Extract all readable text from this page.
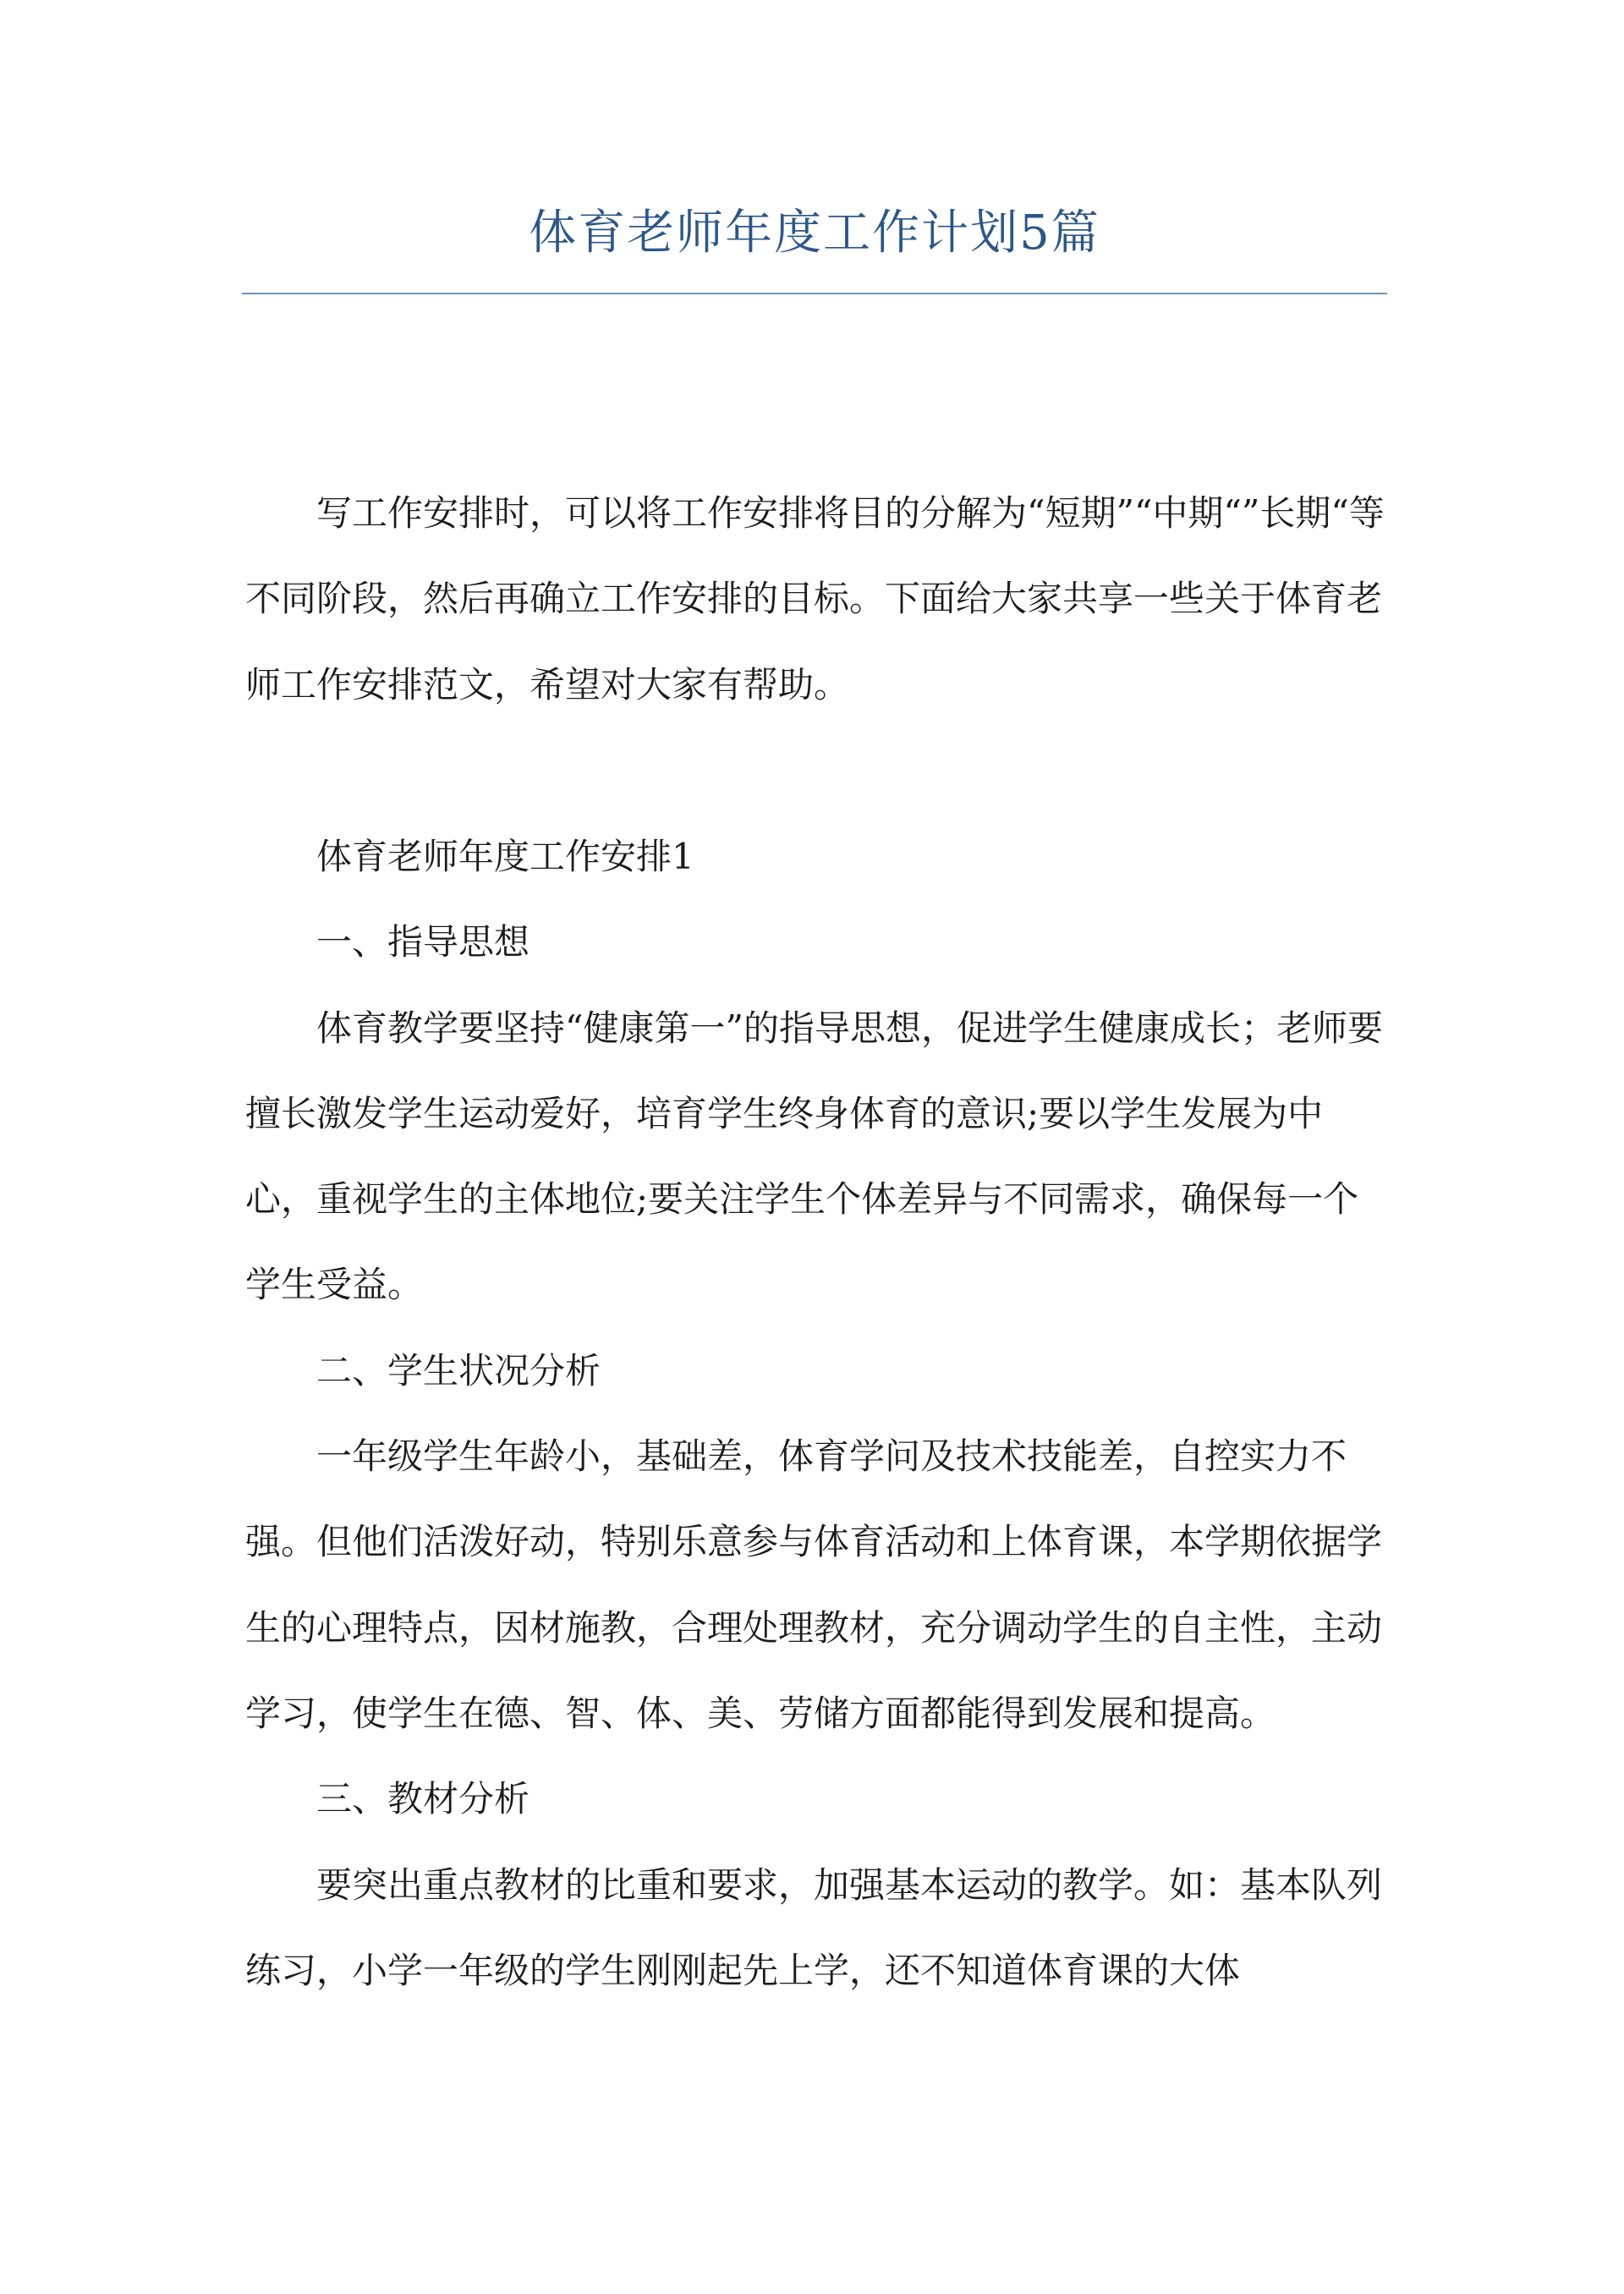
体育老师年度工作计划5篇

写工作安排时，可以将工作安排将目的分解为“短期”“中期“”长期“等不同阶段，然后再确立工作安排的目标。下面给大家共享一些关于体育老师工作安排范文，希望对大家有帮助。

体育老师年度工作安排1

一、指导思想

体育教学要坚持“健康第一”的指导思想，促进学生健康成长；老师要擅长激发学生运动爱好，培育学生终身体育的意识;要以学生发展为中心，重视学生的主体地位;要关注学生个体差异与不同需求，确保每一个学生受益。

二、学生状况分析

一年级学生年龄小，基础差，体育学问及技术技能差，自控实力不强。但他们活泼好动，特别乐意参与体育活动和上体育课，本学期依据学生的心理特点，因材施教，合理处理教材，充分调动学生的自主性，主动学习，使学生在德、智、体、美、劳储方面都能得到发展和提高。

三、教材分析

要突出重点教材的比重和要求，加强基本运动的教学。如：基本队列练习，小学一年级的学生刚刚起先上学，还不知道体育课的大体
